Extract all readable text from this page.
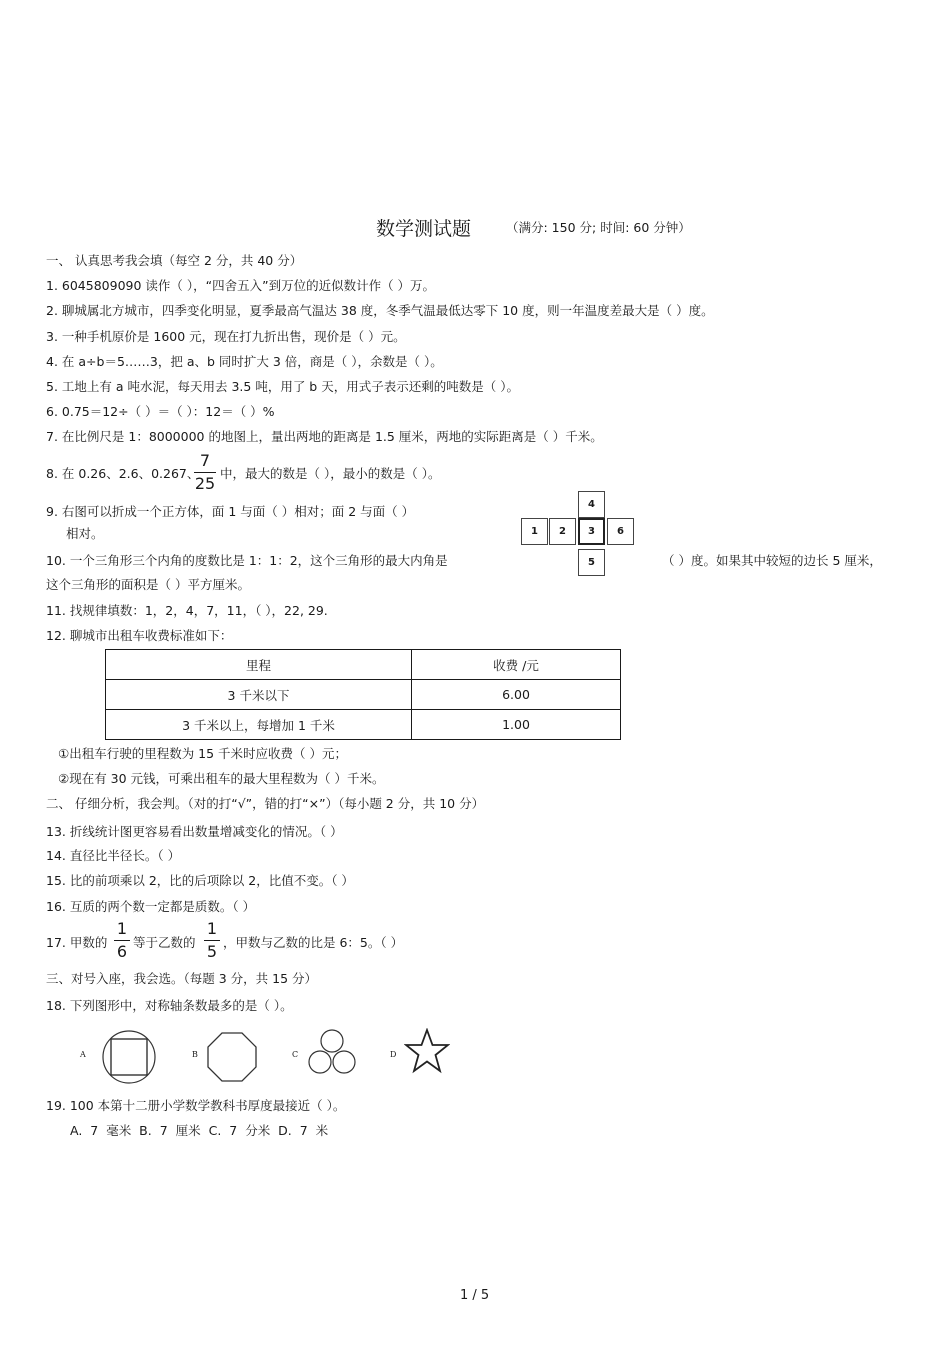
数学测试题	（满分: 150 分; 时间: 60 分钟）
一、 认真思考我会填（每空 2 分，共 40 分）
1. 6045809090 读作（ ），“四舍五入”到万位的近似数计作（ ）万。
2. 聊城属北方城市，四季变化明显，夏季最高气温达 38 度，冬季气温最低达零下 10 度，则一年温度差最大是（ ）度。
3. 一种手机原价是 1600 元，现在打九折出售，现价是（ ）元。
4. 在 a÷b＝5……3，把 a、b 同时扩大 3 倍，商是（ ），余数是（ ）。
5. 工地上有 a 吨水泥，每天用去 3.5 吨，用了 b 天，用式子表示还剩的吨数是（ ）。
6. 0.75＝12÷（ ）＝（ ）：12＝（ ）%
7. 在比例尺是 1：8000000 的地图上，量出两地的距离是 1.5 厘米，两地的实际距离是（ ）千米。
8. 在 0.26、2.6、0.267、
7
25
中，最大的数是（ ），最小的数是（ ）。
9. 右图可以折成一个正方体，面 1 与面（ ）相对；面 2 与面（ ）
相对。
4
1	2	3	6
5
10. 一个三角形三个内角的度数比是 1：1：2，这个三角形的最大内角是	（ ）度。如果其中较短的边长 5 厘米，
这个三角形的面积是（ ）平方厘米。
11. 找规律填数：1，2，4，7，11，（ ），22, 29.
12. 聊城市出租车收费标准如下：
里程	收费 /元
3 千米以下	6.00
3 千米以上，每增加 1 千米	1.00
①出租车行驶的里程数为 15 千米时应收费（ ）元；
②现在有 30 元钱，可乘出租车的最大里程数为（ ）千米。
二、 仔细分析，我会判。（对的打“√”，错的打“×”）（每小题 2 分，共 10 分）
13. 折线统计图更容易看出数量增减变化的情况。（ ）
14. 直径比半径长。（ ）
15. 比的前项乘以 2，比的后项除以 2，比值不变。（ ）
16. 互质的两个数一定都是质数。（ ）
17. 甲数的
1
6 等于乙数的
1
5 ，甲数与乙数的比是 6：5。（ ）
三、对号入座，我会选。（每题 3 分，共 15 分）
18. 下列图形中，对称轴条数最多的是（ ）。
A	B	C	D
19. 100 本第十二册小学数学教科书厚度最接近（ ）。
A. 7 毫米 B. 7 厘米 C. 7 分米 D. 7 米
1 / 5
